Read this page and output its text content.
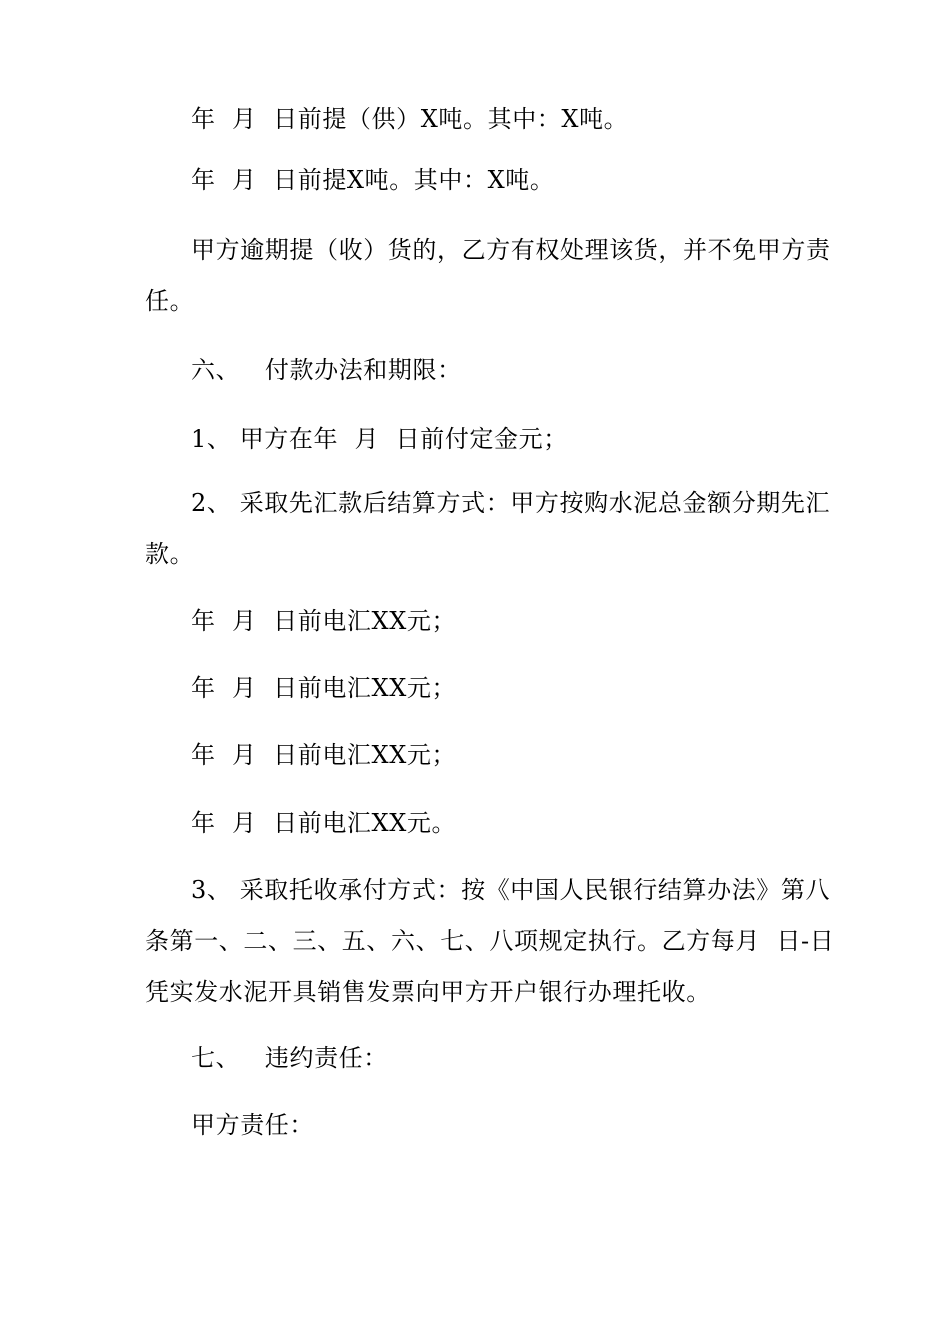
年  月  日前提（供）X吨。其中：X吨。

年  月  日前提X吨。其中：X吨。

甲方逾期提（收）货的，乙方有权处理该货，并不免甲方责

任。

六、   付款办法和期限：

1、 甲方在年  月  日前付定金元；

2、 采取先汇款后结算方式：甲方按购水泥总金额分期先汇

款。

年  月  日前电汇XX元；

年  月  日前电汇XX元；

年  月  日前电汇XX元；

年  月  日前电汇XX元。

3、 采取托收承付方式：按《中国人民银行结算办法》第八

条第一、二、三、五、六、七、八项规定执行。乙方每月  日-日

凭实发水泥开具销售发票向甲方开户银行办理托收。

七、   违约责任：

甲方责任：
